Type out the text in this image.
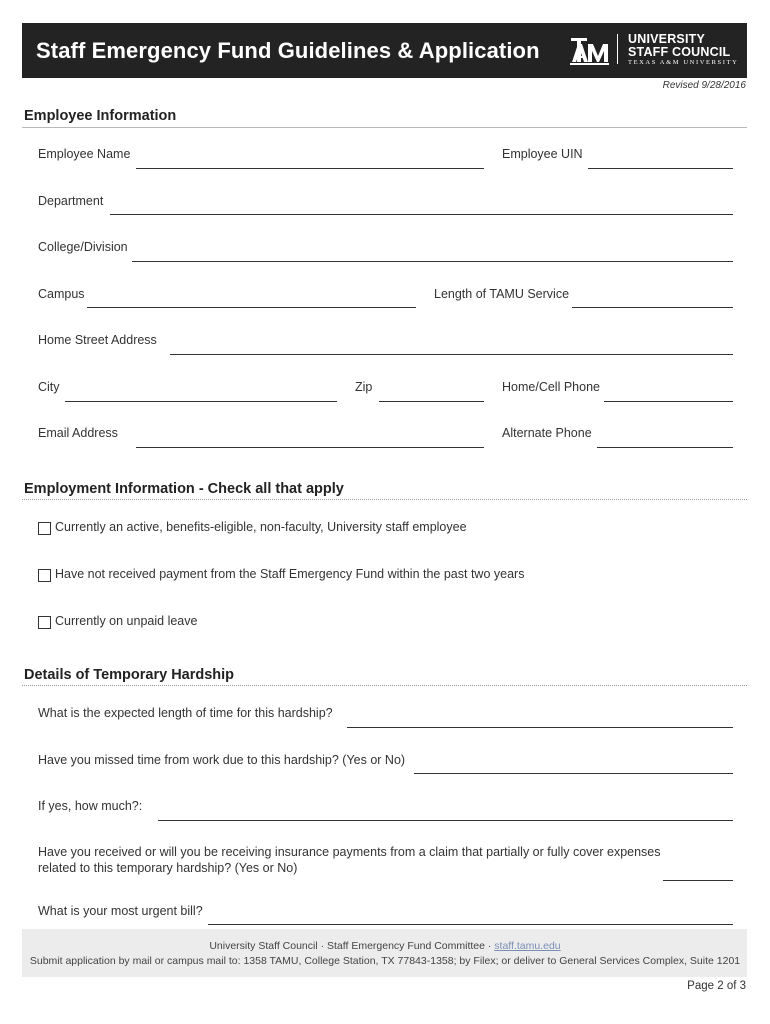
Staff Emergency Fund Guidelines & Application	UNIVERSITY
STAFF COUNCIL
TEXAS A&M UNIVERSITY
Revised 9/28/2016
Employee Information
Employee Name	Employee UIN
Department
College/Division
Campus	Length of TAMU Service
Home Street Address
City	Zip	Home/Cell Phone
Email Address	Alternate Phone
Employment Information - Check all that apply
Currently an active, benefits-eligible, non-faculty, University staff employee
Have not received payment from the Staff Emergency Fund within the past two years
Currently on unpaid leave
Details of Temporary Hardship
What is the expected length of time for this hardship?
Have you missed time from work due to this hardship? (Yes or No)
If yes, how much?:
Have you received or will you be receiving insurance payments from a claim that partially or fully cover expenses
related to this temporary hardship? (Yes or No)
What is your most urgent bill?
University Staff Council · Staff Emergency Fund Committee · staff.tamu.edu
Submit application by mail or campus mail to: 1358 TAMU, College Station, TX 77843-1358; by Filex; or deliver to General Services Complex, Suite 1201
Page 2 of 3
